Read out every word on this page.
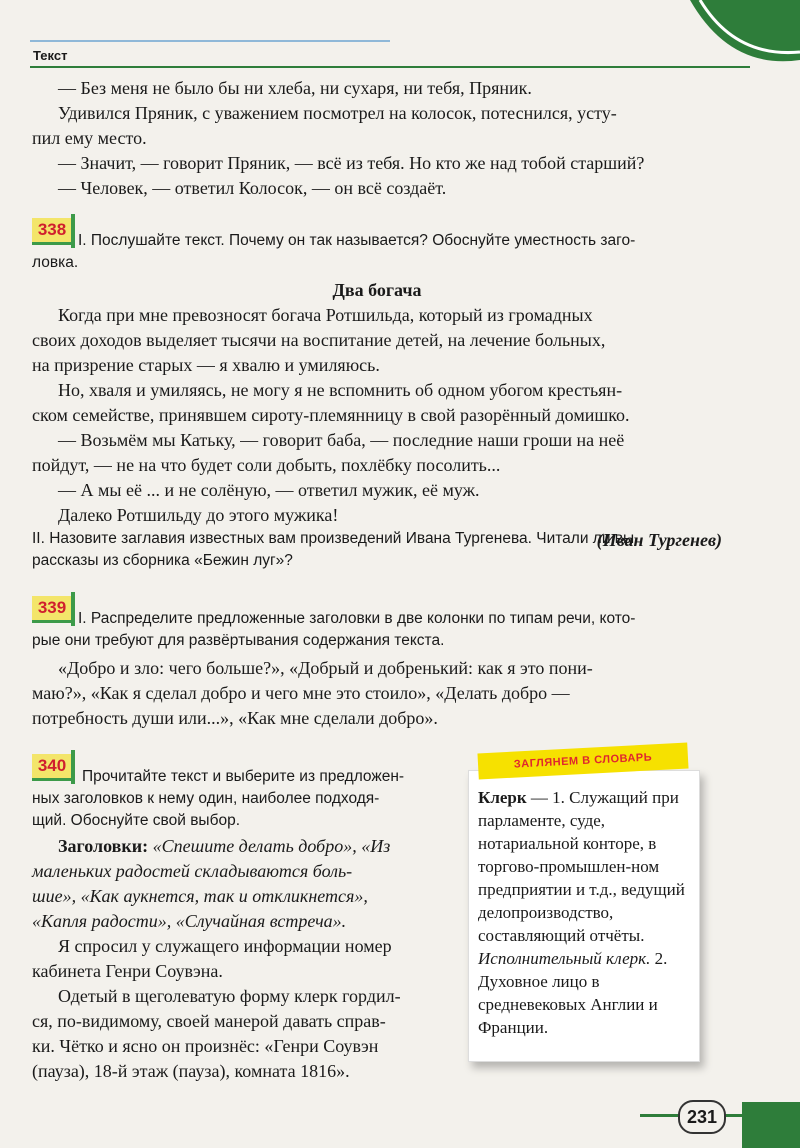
Текст

— Без меня не было бы ни хлеба, ни сухаря, ни тебя, Пряник.

Удивился Пряник, с уважением посмотрел на колосок, потеснился, усту-

пил ему место.

— Значит, — говорит Пряник, — всё из тебя. Но кто же над тобой старший?

— Человек, — ответил Колосок, — он всё создаёт.

338

I. Послушайте текст. Почему он так называется? Обоснуйте уместность заго-

ловка.

Два богача

Когда при мне превозносят богача Ротшильда, который из громадных

своих доходов выделяет тысячи на воспитание детей, на лечение больных,

на призрение старых — я хвалю и умиляюсь.

Но, хваля и умиляясь, не могу я не вспомнить об одном убогом крестьян-

ском семействе, принявшем сироту-племянницу в свой разорённый домишко.

— Возьмём мы Катьку, — говорит баба, — последние наши гроши на неё

пойдут, — не на что будет соли добыть, похлёбку посолить...

— А мы её ... и не солёную, — ответил мужик, её муж.

Далеко Ротшильду до этого мужика!

(Иван Тургенев)

II. Назовите заглавия известных вам произведений Ивана Тургенева. Читали ли вы

рассказы из сборника «Бежин луг»?

339

I. Распределите предложенные заголовки в две колонки по типам речи, кото-

рые они требуют для развёртывания содержания текста.

«Добро и зло: чего больше?», «Добрый и добренький: как я это пони-

маю?», «Как я сделал добро и чего мне это стоило», «Делать добро —

потребность души или...», «Как мне сделали добро».

340

Прочитайте текст и выберите из предложен-

ных заголовков к нему один, наиболее подходя-

щий. Обоснуйте свой выбор.

Заголовки: «Спешите делать добро», «Из

маленьких радостей складываются боль-

шие», «Как аукнется, так и откликнется»,

«Капля радости», «Случайная встреча».

Я спросил у служащего информации номер

кабинета Генри Соувэна.

Одетый в щеголеватую форму клерк гордил-

ся, по-видимому, своей манерой давать справ-

ки. Чётко и ясно он произнёс: «Генри Соувэн

(пауза), 18-й этаж (пауза), комната 1816».

ЗАГЛЯНЕМ В СЛОВАРЬ

Клерк — 1. Служащий при парламенте, суде, нотариальной конторе, в торгово-промышлен-ном предприятии и т.д., ведущий делопроизводство, составляющий отчёты. Исполнительный клерк. 2. Духовное лицо в средневековых Англии и Франции.

231
